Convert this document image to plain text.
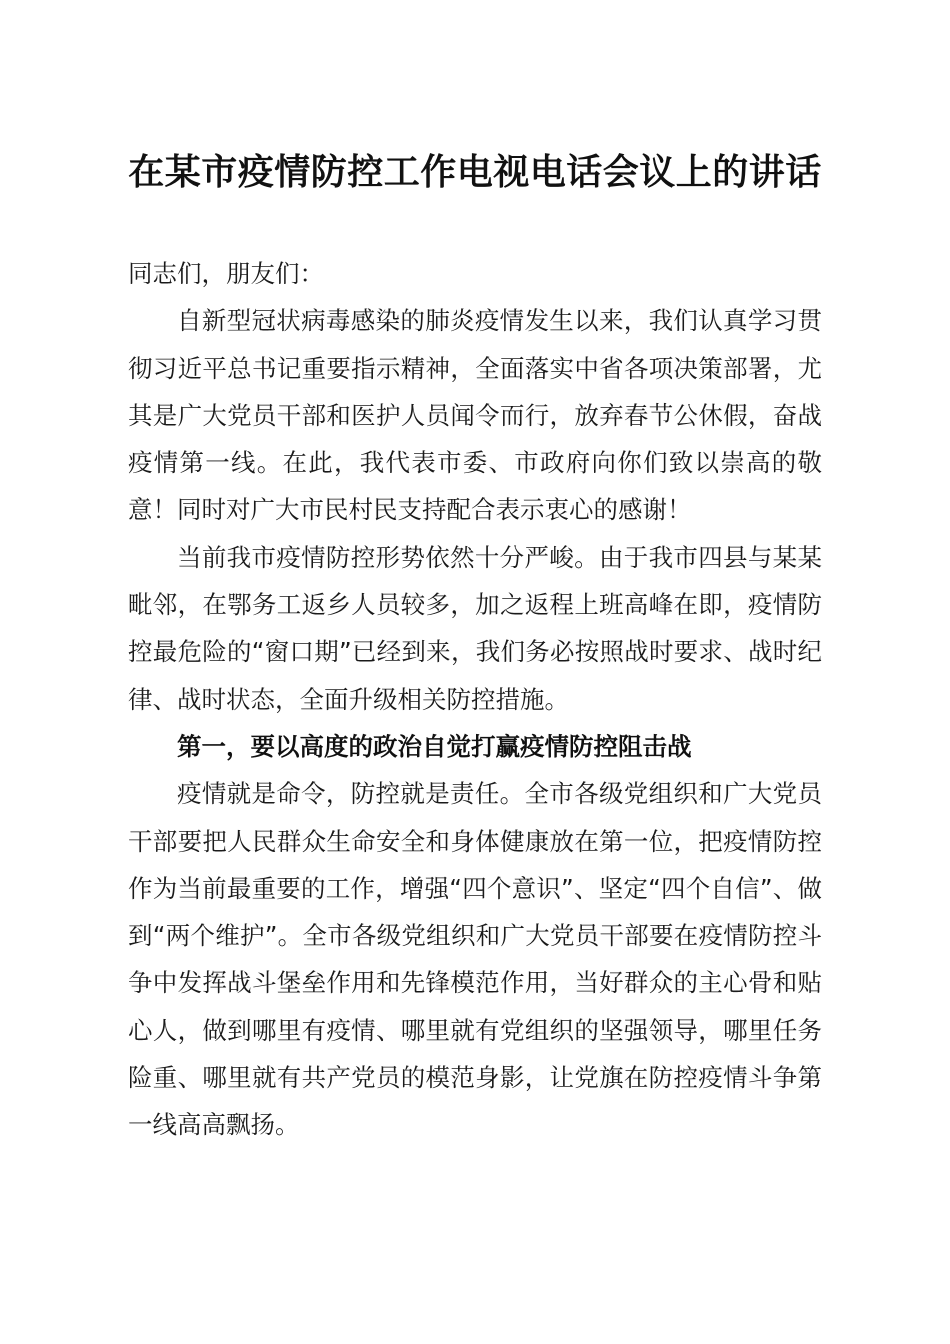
在某市疫情防控工作电视电话会议上的讲话

同志们，朋友们：

自新型冠状病毒感染的肺炎疫情发生以来，我们认真学习贯彻习近平总书记重要指示精神，全面落实中省各项决策部署，尤其是广大党员干部和医护人员闻令而行，放弃春节公休假，奋战疫情第一线。在此，我代表市委、市政府向你们致以崇高的敬意！同时对广大市民村民支持配合表示衷心的感谢！

当前我市疫情防控形势依然十分严峻。由于我市四县与某某毗邻，在鄂务工返乡人员较多，加之返程上班高峰在即，疫情防控最危险的“窗口期”已经到来，我们务必按照战时要求、战时纪律、战时状态，全面升级相关防控措施。

第一，要以高度的政治自觉打赢疫情防控阻击战

疫情就是命令，防控就是责任。全市各级党组织和广大党员干部要把人民群众生命安全和身体健康放在第一位，把疫情防控作为当前最重要的工作，增强“四个意识”、坚定“四个自信”、做到“两个维护”。全市各级党组织和广大党员干部要在疫情防控斗争中发挥战斗堡垒作用和先锋模范作用，当好群众的主心骨和贴心人，做到哪里有疫情、哪里就有党组织的坚强领导，哪里任务险重、哪里就有共产党员的模范身影，让党旗在防控疫情斗争第一线高高飘扬。
